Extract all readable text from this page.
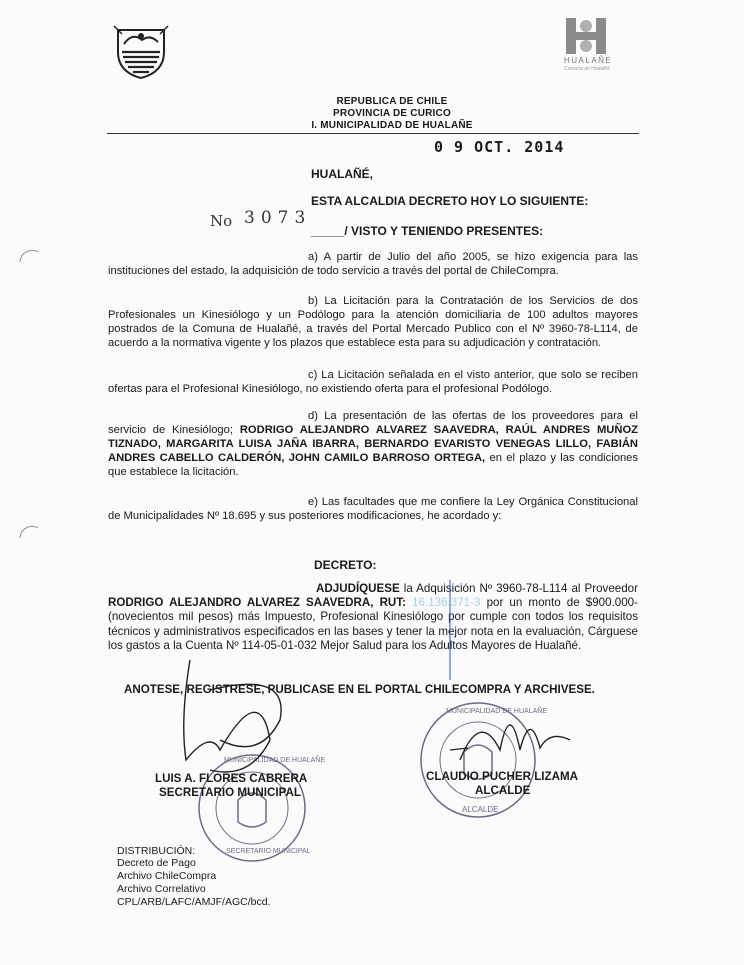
HUALAÑE
Comuna de Hualañé
REPUBLICA DE CHILE
PROVINCIA DE CURICO
I. MUNICIPALIDAD DE HUALAÑE
0 9 OCT. 2014
HUALAÑÉ,
ESTA ALCALDIA DECRETO HOY LO SIGUIENTE:
No 3073
_____/ VISTO Y TENIENDO PRESENTES:
a) A partir de Julio del año 2005, se hizo exigencia para las instituciones del estado, la adquisición de todo servicio a través del portal de ChileCompra.
b) La Licitación para la Contratación de los Servicios de dos Profesionales un Kinesiólogo y un Podólogo para la atención domiciliaria de 100 adultos mayores postrados de la Comuna de Hualañé, a través del Portal Mercado Publico con el Nº 3960-78-L114, de acuerdo a la normativa vigente y los plazos que establece esta para su adjudicación y contratación.
c) La Licitación señalada en el visto anterior, que solo se reciben ofertas para el Profesional Kinesiólogo, no existiendo oferta para el profesional Podólogo.
d) La presentación de las ofertas de los proveedores para el servicio de Kinesiólogo; RODRIGO ALEJANDRO ALVAREZ SAAVEDRA, RAÚL ANDRES MUÑOZ TIZNADO, MARGARITA LUISA JAÑA IBARRA, BERNARDO EVARISTO VENEGAS LILLO, FABIÁN ANDRES CABELLO CALDERÓN, JOHN CAMILO BARROSO ORTEGA, en el plazo y las condiciones que establece la licitación.
e) Las facultades que me confiere la Ley Orgánica Constitucional de Municipalidades Nº 18.695 y sus posteriores modificaciones, he acordado y:
DECRETO:
ADJUDÍQUESE la Adquisición Nº 3960-78-L114 al Proveedor RODRIGO ALEJANDRO ALVAREZ SAAVEDRA, RUT: 16.136.371-3 por un monto de $900.000- (novecientos mil pesos) más Impuesto, Profesional Kinesiólogo por cumple con todos los requisitos técnicos y administrativos especificados en las bases y tener la mejor nota en la evaluación, Cárguese los gastos a la Cuenta Nº 114-05-01-032 Mejor Salud para los Adultos Mayores de Hualañé.
ANOTESE, REGISTRESE, PUBLICASE EN EL PORTAL CHILECOMPRA Y ARCHIVESE.
MUNICIPALIDAD DE HUALAÑE
SECRETARIO MUNICIPAL
MUNICIPALIDAD DE HUALAÑE
ALCALDE
LUIS A. FLORES CABRERA
SECRETARIO MUNICIPAL
CLAUDIO PUCHER LIZAMA
ALCALDE
DISTRIBUCIÓN:
Decreto de Pago
Archivo ChileCompra
Archivo Correlativo
CPL/ARB/LAFC/AMJF/AGC/bcd.
